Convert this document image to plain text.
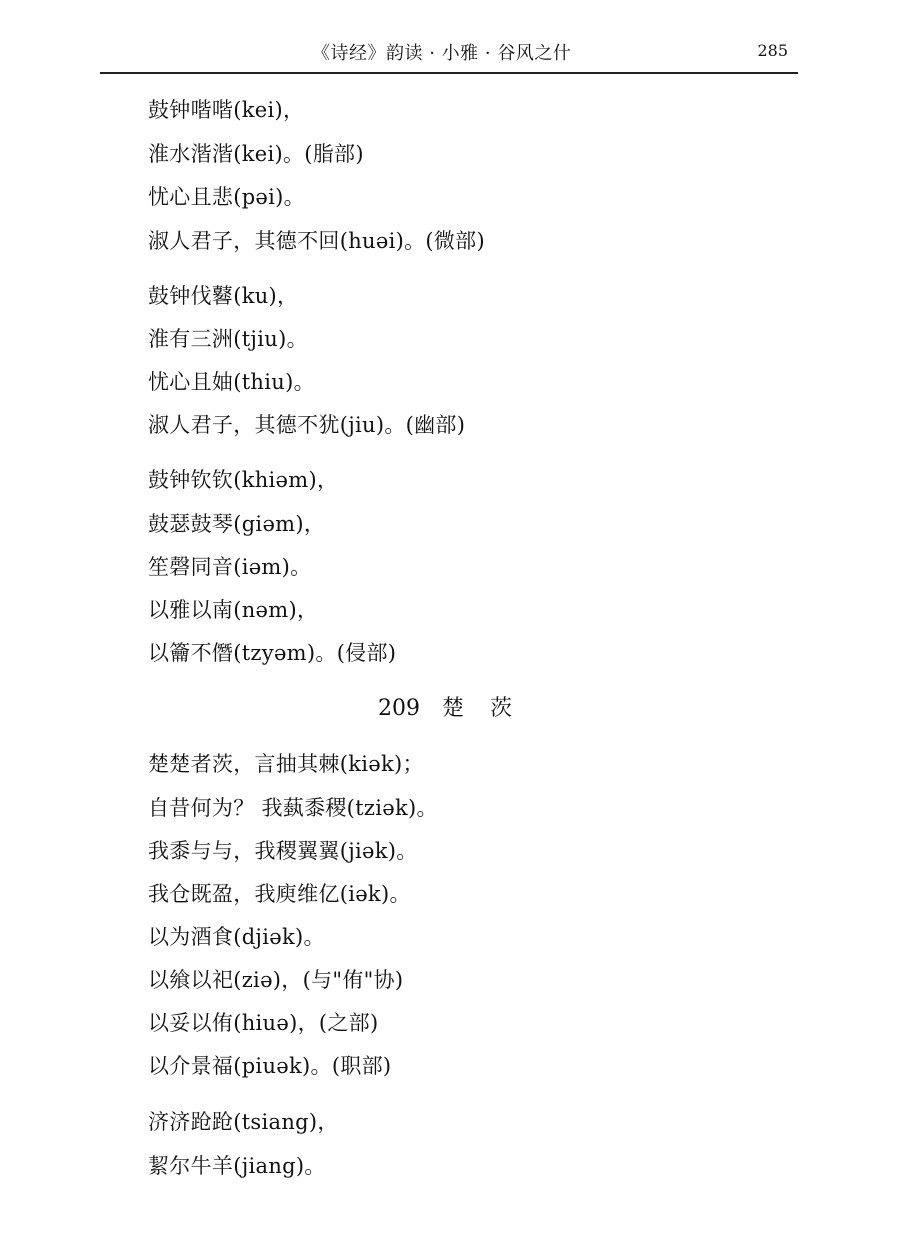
《诗经》韵读 · 小雅 · 谷风之什	285
鼓钟喈喈(kei)，
淮水湝湝(kei)。(脂部)
忧心且悲(pəi)。
淑人君子，其德不回(huəi)。(微部)
鼓钟伐鼛(ku)，
淮有三洲(tjiu)。
忧心且妯(thiu)。
淑人君子，其德不犹(jiu)。(幽部)
鼓钟钦钦(khiəm)，
鼓瑟鼓琴(giəm)，
笙磬同音(iəm)。
以雅以南(nəm)，
以籥不僭(tzyəm)。(侵部)
209 楚 茨
楚楚者茨，言抽其棘(kiək)；
自昔何为？ 我蓺黍稷(tziək)。
我黍与与，我稷翼翼(jiək)。
我仓既盈，我庾维亿(iək)。
以为酒食(djiək)。
以飨以祀(ziə)，(与"侑"协)
以妥以侑(hiuə)，(之部)
以介景福(piuək)。(职部)
济济跄跄(tsiang)，
絜尔牛羊(jiang)。
